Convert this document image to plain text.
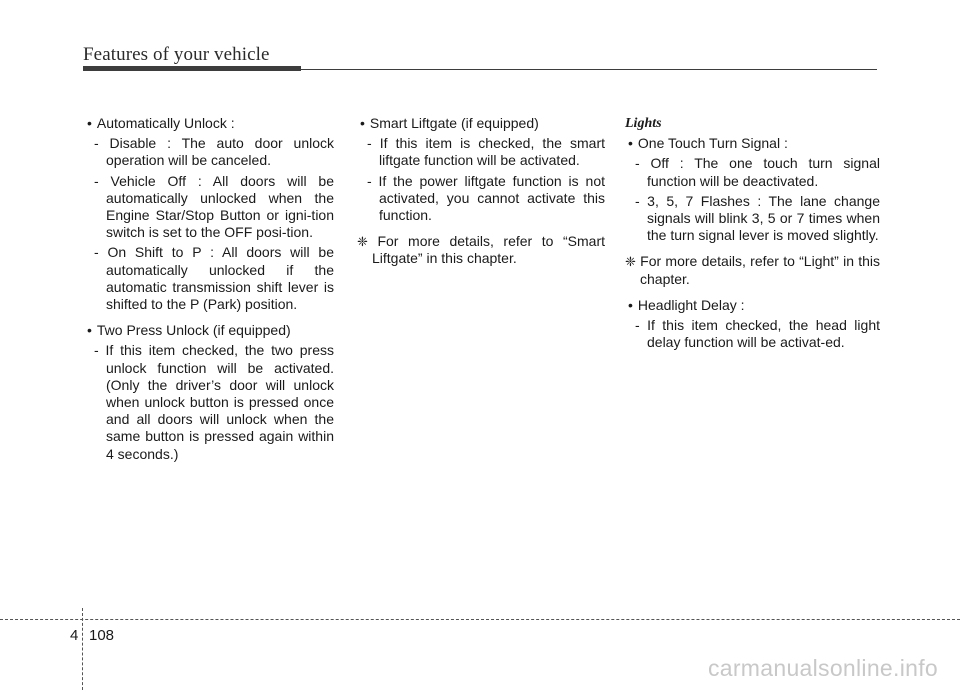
Features of your vehicle

• Automatically Unlock :

- Disable : The auto door unlock operation will be canceled.

- Vehicle Off : All doors will be automatically unlocked when the Engine Star/Stop Button or igni-tion switch is set to the OFF posi-tion.

- On Shift to P : All doors will be automatically unlocked if the automatic transmission shift lever is shifted to the P (Park) position.

• Two Press Unlock (if equipped)

- If this item checked, the two press unlock function will be activated. (Only the driver’s door will unlock when unlock button is pressed once and all doors will unlock when the same button is pressed again within 4 seconds.)

• Smart Liftgate (if equipped)

- If this item is checked, the smart liftgate function will be activated.

- If the power liftgate function is not activated, you cannot activate this function.

❈ For more details, refer to “Smart Liftgate” in this chapter.

Lights

• One Touch Turn Signal :

- Off : The one touch turn signal function will be deactivated.

- 3, 5, 7 Flashes : The lane change signals will blink 3, 5 or 7 times when the turn signal lever is moved slightly.

❈ For more details, refer to “Light” in this chapter.

• Headlight Delay :

- If this item checked, the head light delay function will be activat-ed.

4 108
carmanualsonline.info
